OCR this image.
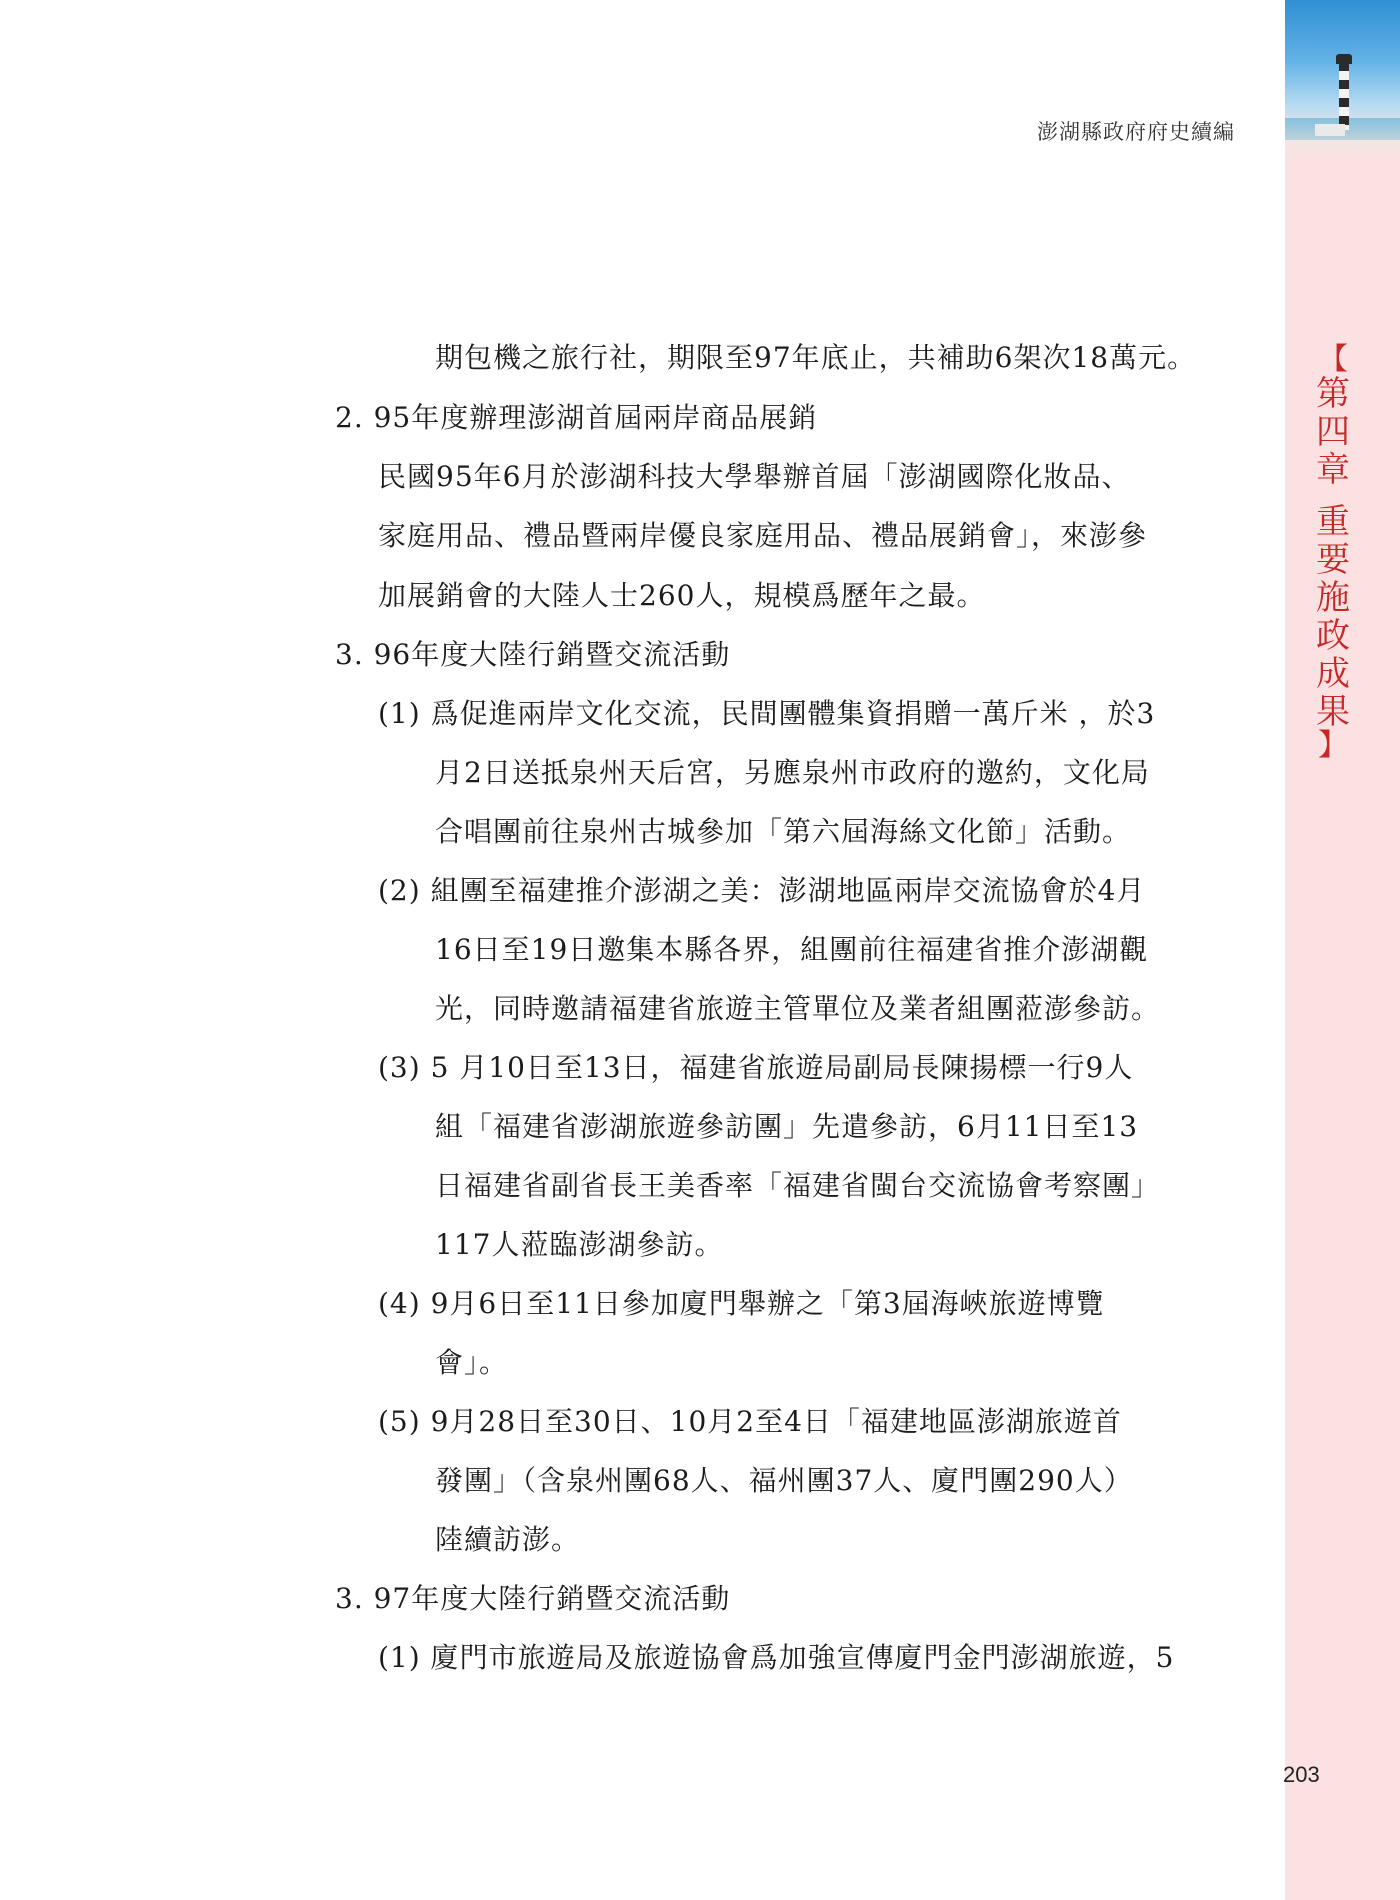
澎湖縣政府府史續編
【
第四章
重要施政成果
】
期包機之旅行社，期限至97年底止，共補助6架次18萬元。
2. 95年度辦理澎湖首屆兩岸商品展銷
民國95年6月於澎湖科技大學舉辦首屆「澎湖國際化妝品、
家庭用品、禮品暨兩岸優良家庭用品、禮品展銷會」，來澎參
加展銷會的大陸人士260人，規模爲歷年之最。
3. 96年度大陸行銷暨交流活動
(1) 爲促進兩岸文化交流，民間團體集資捐贈一萬斤米 ，於3
月2日送抵泉州天后宮，另應泉州市政府的邀約，文化局
合唱團前往泉州古城參加「第六屆海絲文化節」活動。
(2) 組團至福建推介澎湖之美：澎湖地區兩岸交流協會於4月
16日至19日邀集本縣各界，組團前往福建省推介澎湖觀
光，同時邀請福建省旅遊主管單位及業者組團蒞澎參訪。
(3) 5 月10日至13日，福建省旅遊局副局長陳揚標一行9人
組「福建省澎湖旅遊參訪團」先遣參訪，6月11日至13
日福建省副省長王美香率「福建省閩台交流協會考察團」
117人蒞臨澎湖參訪。
(4) 9月6日至11日參加廈門舉辦之「第3屆海峽旅遊博覽
會」。
(5) 9月28日至30日、10月2至4日「福建地區澎湖旅遊首
發團」（含泉州團68人、福州團37人、廈門團290人）
陸續訪澎。
3. 97年度大陸行銷暨交流活動
(1) 廈門市旅遊局及旅遊協會爲加強宣傳廈門金門澎湖旅遊，5
203
